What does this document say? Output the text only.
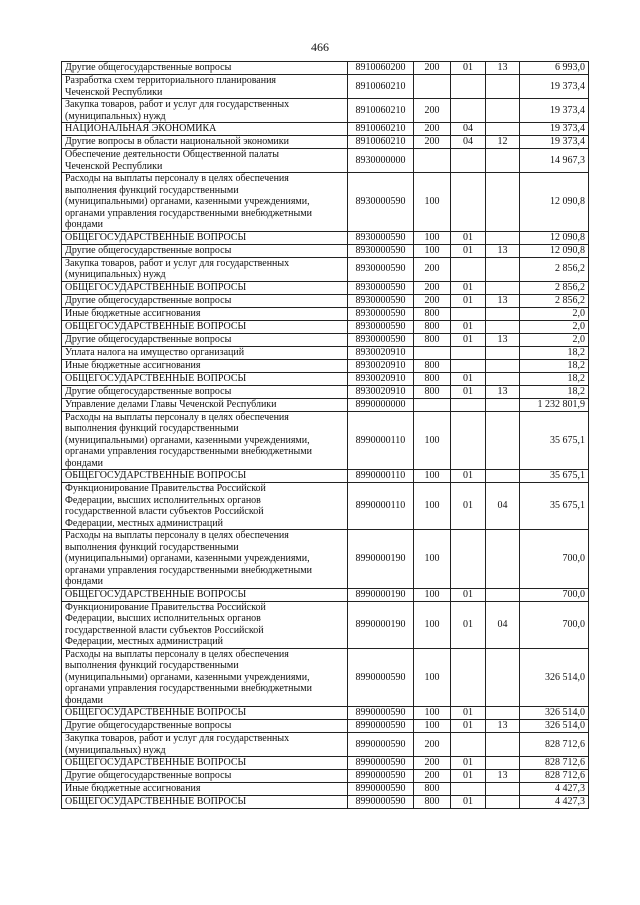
466
Другие общегосударственные вопросы	8910060200	200	01	13	6 993,0

Разработка схем территориального планирования
Чеченской Республики	8910060210				19 373,4

Закупка товаров, работ и услуг для государственных
(муниципальных) нужд	8910060210	200			19 373,4

НАЦИОНАЛЬНАЯ ЭКОНОМИКА	8910060210	200	04		19 373,4

Другие вопросы в области национальной экономики	8910060210	200	04	12	19 373,4

Обеспечение деятельности Общественной палаты
Чеченской Республики	8930000000				14 967,3

Расходы на выплаты персоналу в целях обеспечения
выполнения функций государственными
(муниципальными) органами, казенными учреждениями,
органами управления государственными внебюджетными
фондами	8930000590	100			12 090,8

ОБЩЕГОСУДАРСТВЕННЫЕ ВОПРОСЫ	8930000590	100	01		12 090,8

Другие общегосударственные вопросы	8930000590	100	01	13	12 090,8

Закупка товаров, работ и услуг для государственных
(муниципальных) нужд	8930000590	200			2 856,2

ОБЩЕГОСУДАРСТВЕННЫЕ ВОПРОСЫ	8930000590	200	01		2 856,2

Другие общегосударственные вопросы	8930000590	200	01	13	2 856,2

Иные бюджетные ассигнования	8930000590	800			2,0

ОБЩЕГОСУДАРСТВЕННЫЕ ВОПРОСЫ	8930000590	800	01		2,0

Другие общегосударственные вопросы	8930000590	800	01	13	2,0

Уплата налога на имущество организаций	8930020910				18,2

Иные бюджетные ассигнования	8930020910	800			18,2

ОБЩЕГОСУДАРСТВЕННЫЕ ВОПРОСЫ	8930020910	800	01		18,2

Другие общегосударственные вопросы	8930020910	800	01	13	18,2

Управление делами Главы Чеченской Республики	8990000000				1 232 801,9

Расходы на выплаты персоналу в целях обеспечения
выполнения функций государственными
(муниципальными) органами, казенными учреждениями,
органами управления государственными внебюджетными
фондами	8990000110	100			35 675,1

ОБЩЕГОСУДАРСТВЕННЫЕ ВОПРОСЫ	8990000110	100	01		35 675,1

Функционирование Правительства Российской
Федерации, высших исполнительных органов
государственной власти субъектов Российской
Федерации, местных администраций	8990000110	100	01	04	35 675,1

Расходы на выплаты персоналу в целях обеспечения
выполнения функций государственными
(муниципальными) органами, казенными учреждениями,
органами управления государственными внебюджетными
фондами	8990000190	100			700,0

ОБЩЕГОСУДАРСТВЕННЫЕ ВОПРОСЫ	8990000190	100	01		700,0

Функционирование Правительства Российской
Федерации, высших исполнительных органов
государственной власти субъектов Российской
Федерации, местных администраций	8990000190	100	01	04	700,0

Расходы на выплаты персоналу в целях обеспечения
выполнения функций государственными
(муниципальными) органами, казенными учреждениями,
органами управления государственными внебюджетными
фондами	8990000590	100			326 514,0

ОБЩЕГОСУДАРСТВЕННЫЕ ВОПРОСЫ	8990000590	100	01		326 514,0

Другие общегосударственные вопросы	8990000590	100	01	13	326 514,0

Закупка товаров, работ и услуг для государственных
(муниципальных) нужд	8990000590	200			828 712,6

ОБЩЕГОСУДАРСТВЕННЫЕ ВОПРОСЫ	8990000590	200	01		828 712,6

Другие общегосударственные вопросы	8990000590	200	01	13	828 712,6

Иные бюджетные ассигнования	8990000590	800			4 427,3

ОБЩЕГОСУДАРСТВЕННЫЕ ВОПРОСЫ	8990000590	800	01		4 427,3
